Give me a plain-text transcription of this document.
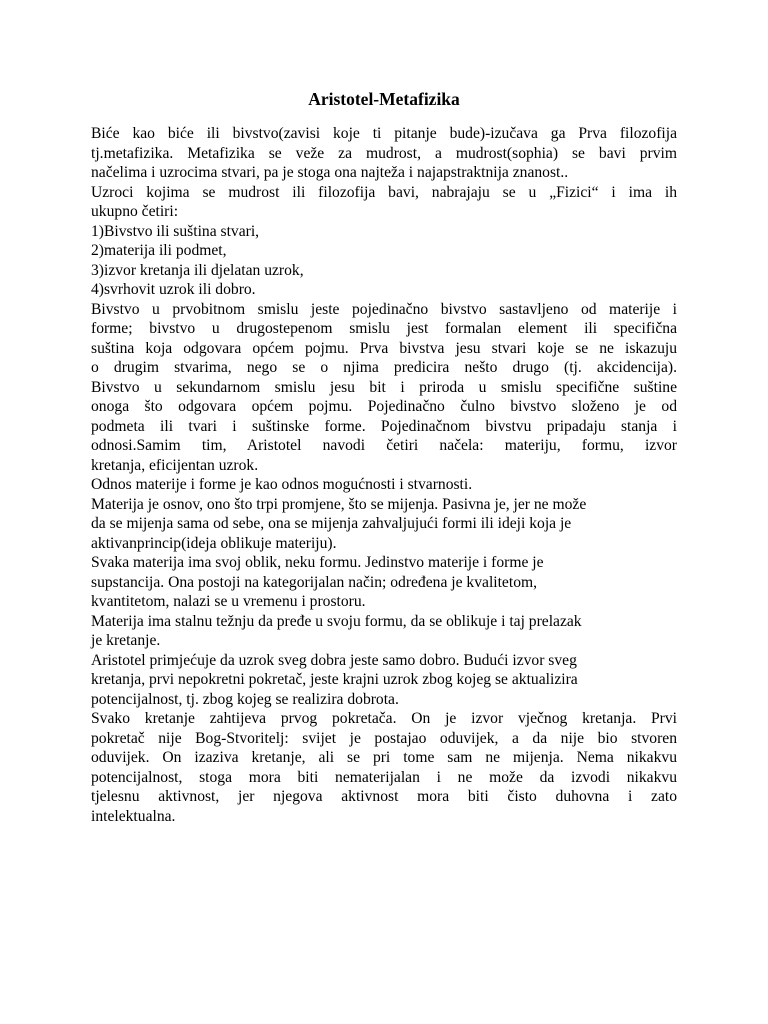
Aristotel-Metafizika
Biće kao biće ili bivstvo(zavisi koje ti pitanje bude)-izučava ga Prva filozofija
tj.metafizika. Metafizika se veže za mudrost, a mudrost(sophia) se bavi prvim
načelima i uzrocima stvari, pa je stoga ona najteža i najapstraktnija znanost..
Uzroci kojima se mudrost ili filozofija bavi, nabrajaju se u „Fizici“ i ima ih
ukupno četiri:
1)Bivstvo ili suština stvari,
2)materija ili podmet,
3)izvor kretanja ili djelatan uzrok,
4)svrhovit uzrok ili dobro.
Bivstvo u prvobitnom smislu jeste pojedinačno bivstvo sastavljeno od materije i
forme; bivstvo u drugostepenom smislu jest formalan element ili specifična
suština koja odgovara općem pojmu. Prva bivstva jesu stvari koje se ne iskazuju
o drugim stvarima, nego se o njima predicira nešto drugo (tj. akcidencija).
Bivstvo u sekundarnom smislu jesu bit i priroda u smislu specifične suštine
onoga što odgovara općem pojmu. Pojedinačno čulno bivstvo složeno je od
podmeta ili tvari i suštinske forme. Pojedinačnom bivstvu pripadaju stanja i
odnosi.Samim tim, Aristotel navodi četiri načela: materiju, formu, izvor
kretanja, eficijentan uzrok.
Odnos materije i forme je kao odnos mogućnosti i stvarnosti.
Materija je osnov, ono što trpi promjene, što se mijenja. Pasivna je, jer ne može
da se mijenja sama od sebe, ona se mijenja zahvaljujući formi ili ideji koja je
aktivanprincip(ideja oblikuje materiju).
Svaka materija ima svoj oblik, neku formu. Jedinstvo materije i forme je
supstancija. Ona postoji na kategorijalan način; određena je kvalitetom,
kvantitetom, nalazi se u vremenu i prostoru.
Materija ima stalnu težnju da pređe u svoju formu, da se oblikuje i taj prelazak
je kretanje.
Aristotel primjećuje da uzrok sveg dobra jeste samo dobro. Budući izvor sveg
kretanja, prvi nepokretni pokretač, jeste krajni uzrok zbog kojeg se aktualizira
potencijalnost, tj. zbog kojeg se realizira dobrota.
Svako kretanje zahtijeva prvog pokretača. On je izvor vječnog kretanja. Prvi
pokretač nije Bog-Stvoritelj: svijet je postajao oduvijek, a da nije bio stvoren
oduvijek. On izaziva kretanje, ali se pri tome sam ne mijenja. Nema nikakvu
potencijalnost, stoga mora biti nematerijalan i ne može da izvodi nikakvu
tjelesnu aktivnost, jer njegova aktivnost mora biti čisto duhovna i zato
intelektualna.
